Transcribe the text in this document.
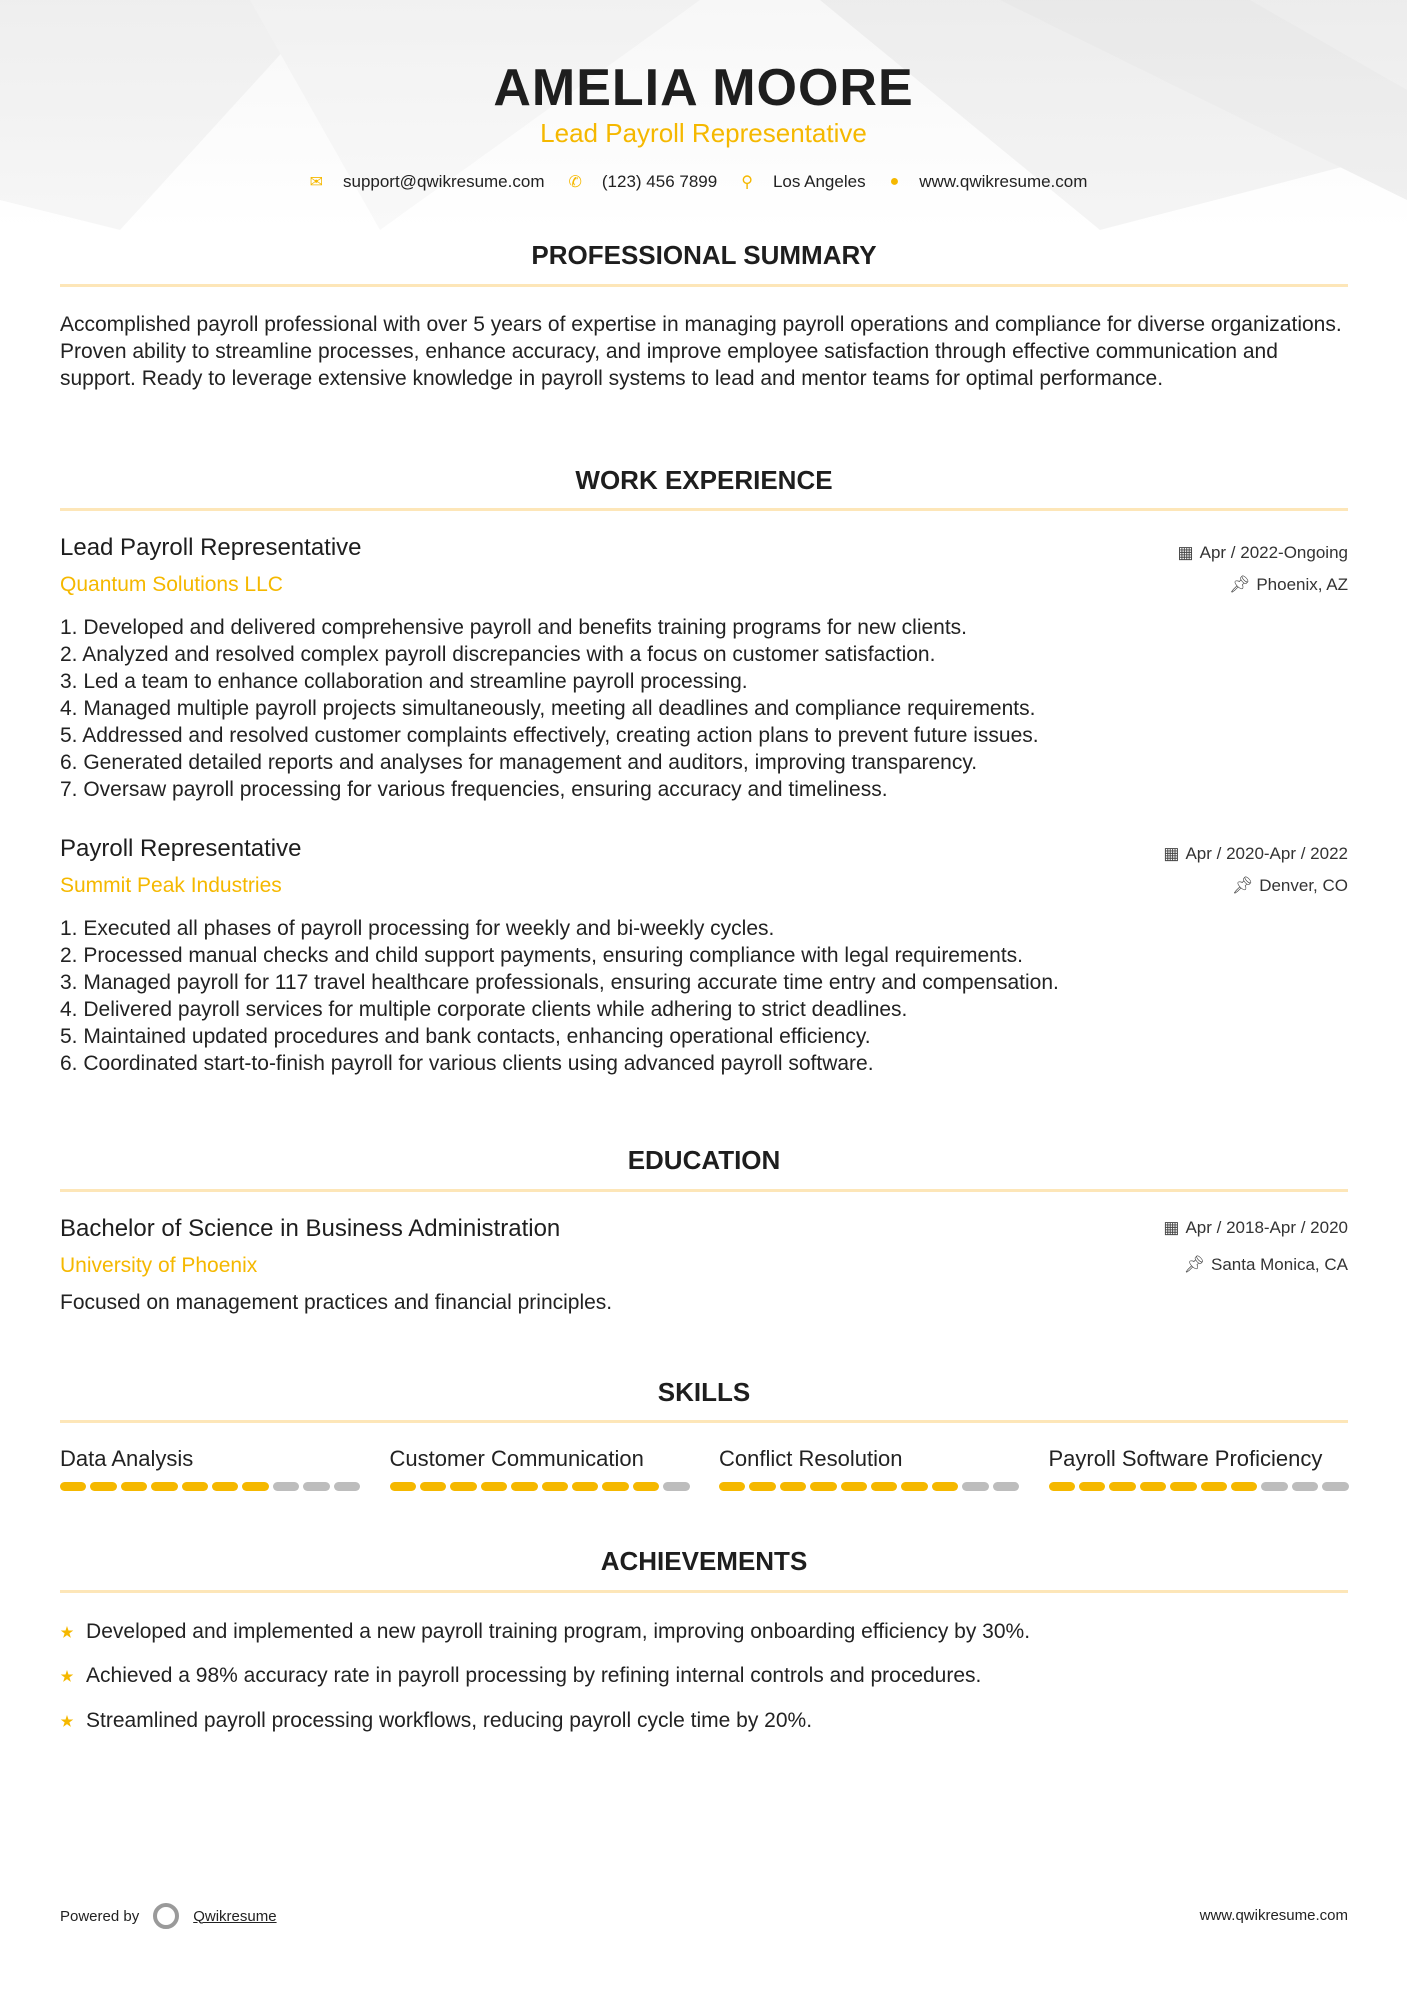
AMELIA MOORE
Lead Payroll Representative
✉ support@qwikresume.com ✆ (123) 456 7899 ⚲ Los Angeles ● www.qwikresume.com
PROFESSIONAL SUMMARY
Accomplished payroll professional with over 5 years of expertise in managing payroll operations and compliance for diverse organizations. Proven ability to streamline processes, enhance accuracy, and improve employee satisfaction through effective communication and support. Ready to leverage extensive knowledge in payroll systems to lead and mentor teams for optimal performance.
WORK EXPERIENCE
Lead Payroll Representative
Quantum Solutions LLC
▦ Apr / 2022-Ongoing
📌︎ Phoenix, AZ
1. Developed and delivered comprehensive payroll and benefits training programs for new clients.
2. Analyzed and resolved complex payroll discrepancies with a focus on customer satisfaction.
3. Led a team to enhance collaboration and streamline payroll processing.
4. Managed multiple payroll projects simultaneously, meeting all deadlines and compliance requirements.
5. Addressed and resolved customer complaints effectively, creating action plans to prevent future issues.
6. Generated detailed reports and analyses for management and auditors, improving transparency.
7. Oversaw payroll processing for various frequencies, ensuring accuracy and timeliness.
Payroll Representative
Summit Peak Industries
▦ Apr / 2020-Apr / 2022
📌︎ Denver, CO
1. Executed all phases of payroll processing for weekly and bi-weekly cycles.
2. Processed manual checks and child support payments, ensuring compliance with legal requirements.
3. Managed payroll for 117 travel healthcare professionals, ensuring accurate time entry and compensation.
4. Delivered payroll services for multiple corporate clients while adhering to strict deadlines.
5. Maintained updated procedures and bank contacts, enhancing operational efficiency.
6. Coordinated start-to-finish payroll for various clients using advanced payroll software.
EDUCATION
Bachelor of Science in Business Administration
University of Phoenix
▦ Apr / 2018-Apr / 2020
📌︎ Santa Monica, CA
Focused on management practices and financial principles.
SKILLS
Data Analysis	Customer Communication	Conflict Resolution	Payroll Software Proficiency
ACHIEVEMENTS
⭑ Developed and implemented a new payroll training program, improving onboarding efficiency by 30%.
⭑ Achieved a 98% accuracy rate in payroll processing by refining internal controls and procedures.
⭑ Streamlined payroll processing workflows, reducing payroll cycle time by 20%.
Powered by	Qwikresume	www.qwikresume.com
